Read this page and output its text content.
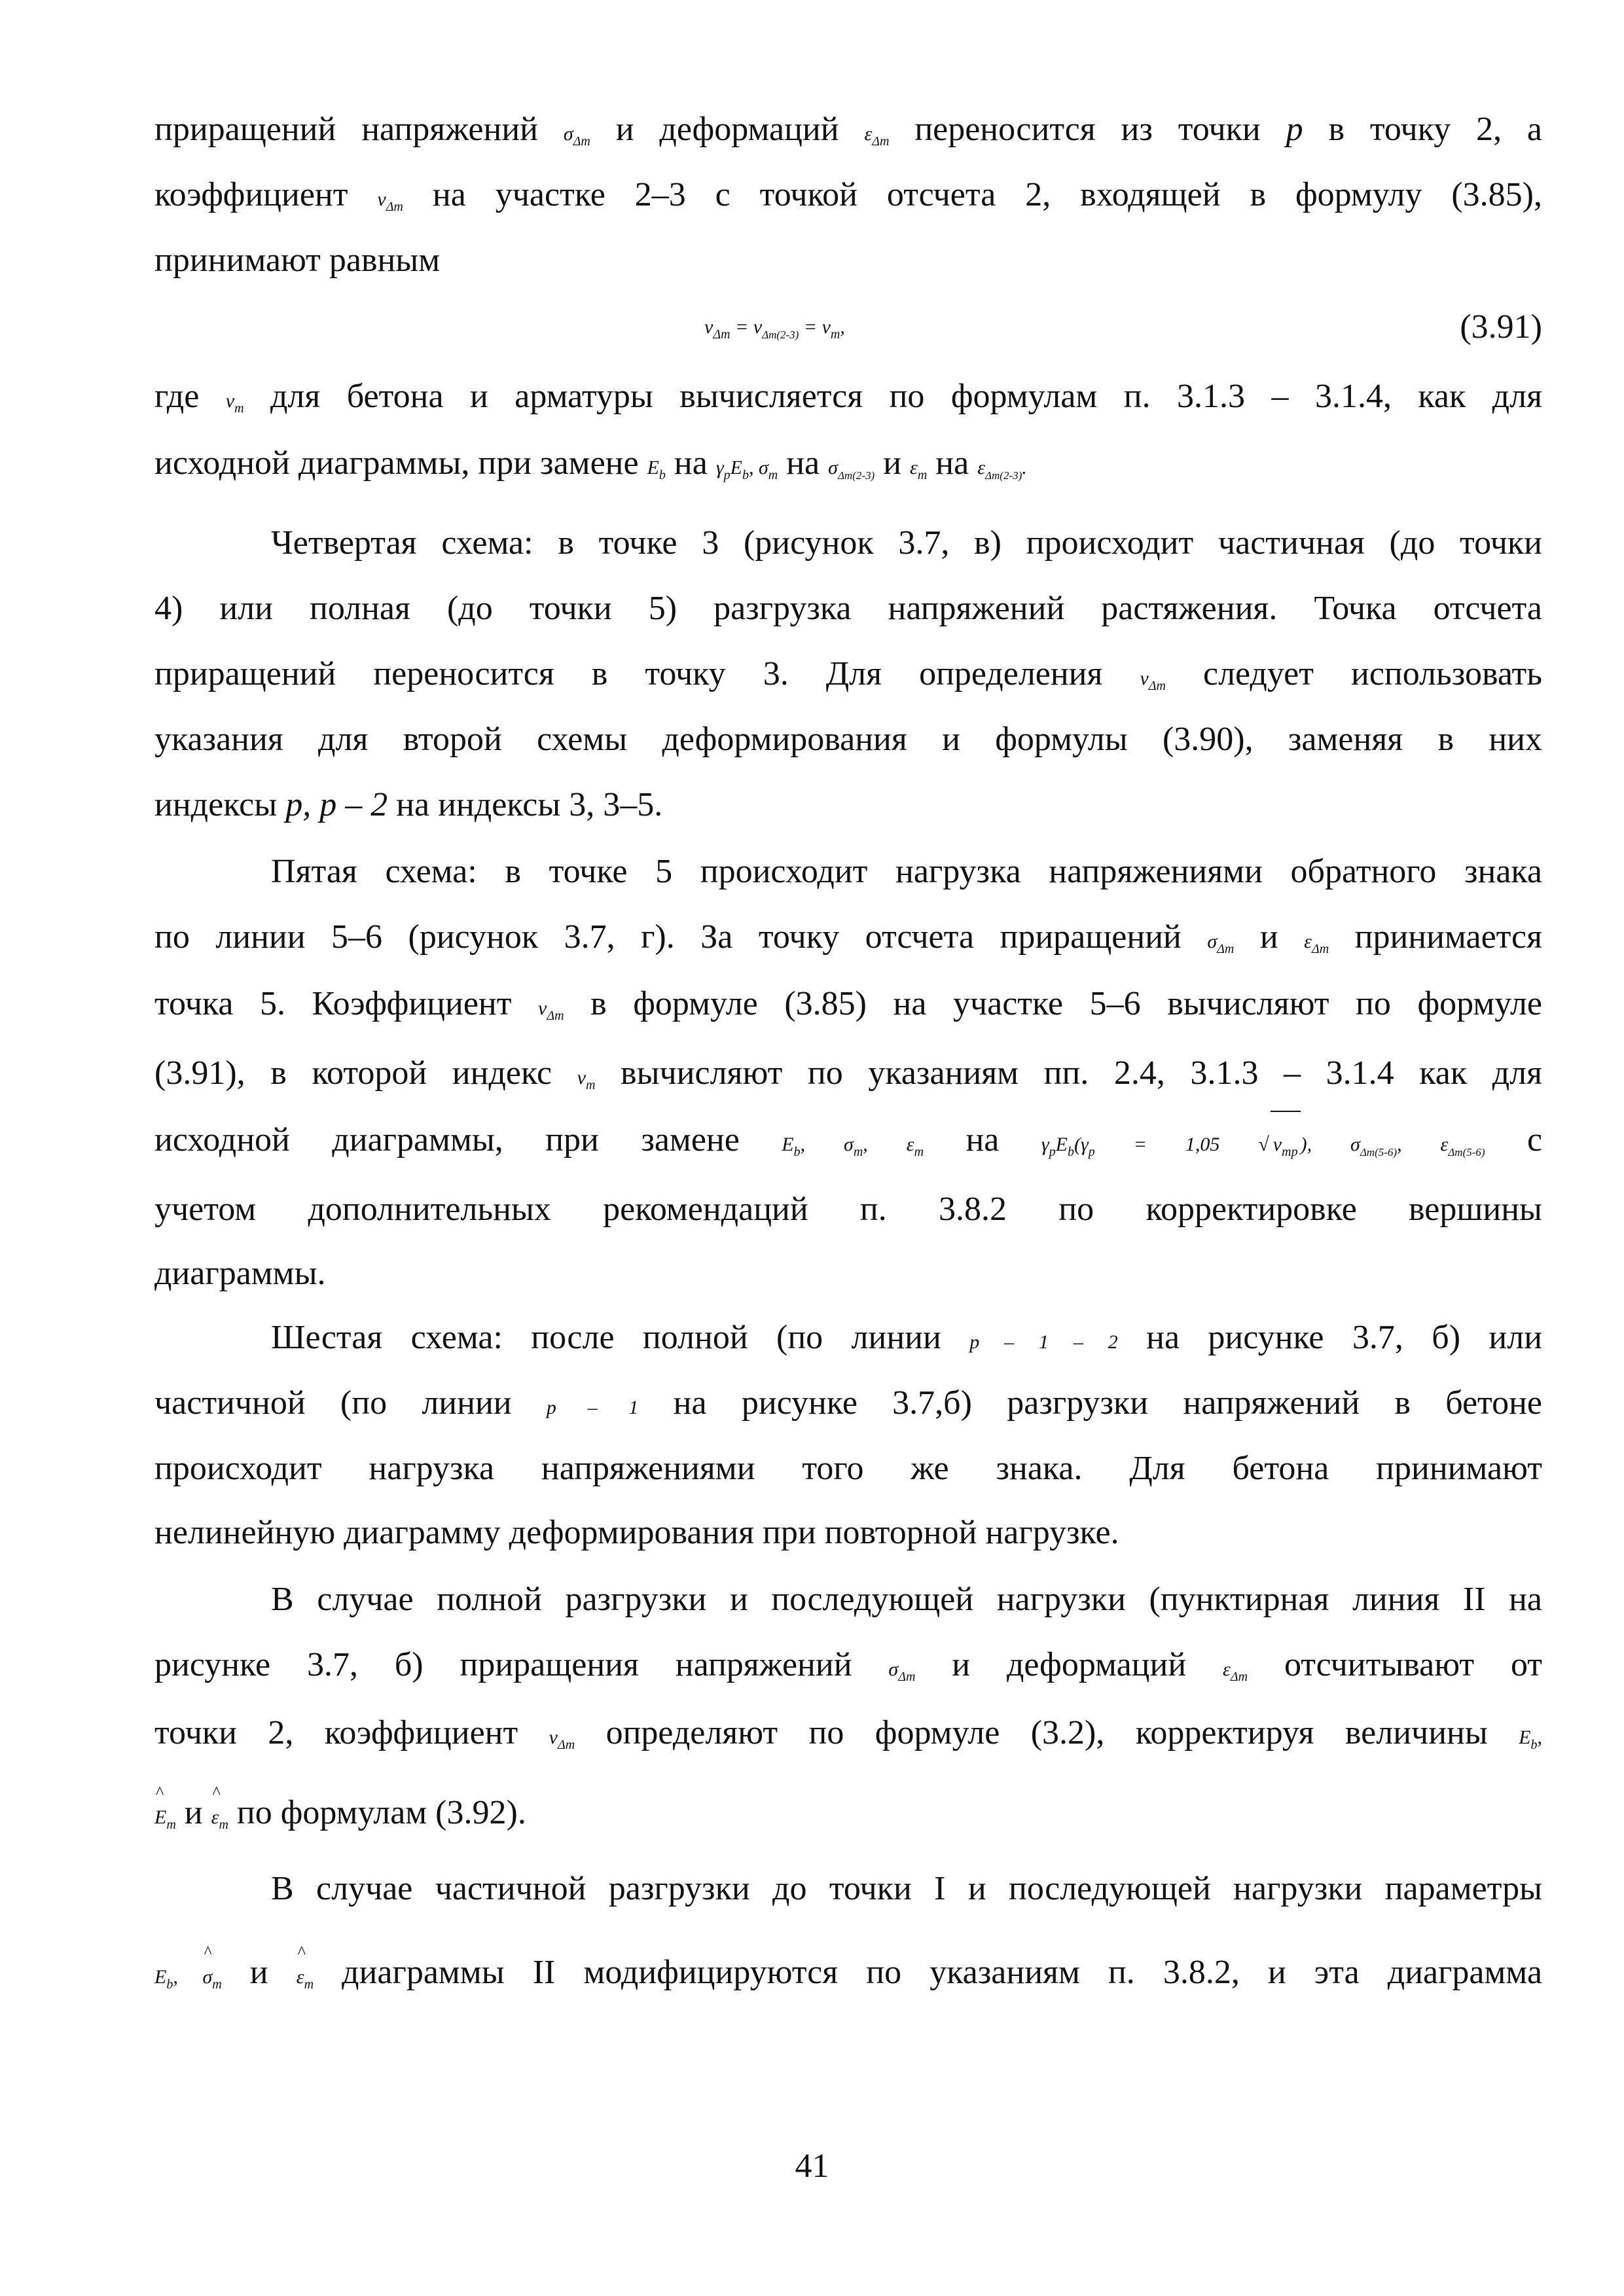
приращений напряжений $\sigma_{\Delta m}$ и деформаций $\varepsilon_{\Delta m}$ переносится из точки p в точку 2, а
коэффициент $\nu_{\Delta m}$ на участке 2–3 с точкой отсчета 2, входящей в формулу (3.85),
принимают равным
$\nu_{\Delta m} = \nu_{\Delta m(2-3)} = \nu_m$,	(3.91)
где $\nu_m$ для бетона и арматуры вычисляется по формулам п. 3.1.3 – 3.1.4, как для
исходной диаграммы, при замене $E_b$ на $\gamma_pE_b$, $\sigma_m$ на $\sigma_{\Delta m(2-3)}$ и $\varepsilon_m$ на $\varepsilon_{\Delta m(2-3)}$.
Четвертая схема: в точке 3 (рисунок 3.7, в) происходит частичная (до точки
4) или полная (до точки 5) разгрузка напряжений растяжения. Точка отсчета
приращений переносится в точку 3. Для определения $\nu_{\Delta m}$ следует использовать
указания для второй схемы деформирования и формулы (3.90), заменяя в них
индексы p, p – 2 на индексы 3, 3–5.
Пятая схема: в точке 5 происходит нагрузка напряжениями обратного знака
по линии 5–6 (рисунок 3.7, г). За точку отсчета приращений $\sigma_{\Delta m}$ и $\varepsilon_{\Delta m}$ принимается
точка 5. Коэффициент $\nu_{\Delta m}$ в формуле (3.85) на участке 5–6 вычисляют по формуле
(3.91), в которой индекс $\nu_m$ вычисляют по указаниям пп. 2.4, 3.1.3 – 3.1.4 как для
исходной диаграммы, при замене $E_b$, $\sigma_m$, $\varepsilon_m$ на $\gamma_pE_b(\gamma_p = 1,05$ √ $\nu_{mp}$ ), $\sigma_{\Delta m(5-6)}$, $\varepsilon_{\Delta m(5-6)}$ с
учетом дополнительных рекомендаций п. 3.8.2 по корректировке вершины
диаграммы.
Шестая схема: после полной (по линии p – 1 – 2 на рисунке 3.7, б) или
частичной (по линии p – 1 на рисунке 3.7,б) разгрузки напряжений в бетоне
происходит нагрузка напряжениями того же знака. Для бетона принимают
нелинейную диаграмму деформирования при повторной нагрузке.
В случае полной разгрузки и последующей нагрузки (пунктирная линия II на
рисунке 3.7, б) приращения напряжений $\sigma_{\Delta m}$ и деформаций $\varepsilon_{\Delta m}$ отсчитывают от
точки 2, коэффициент $\nu_{\Delta m}$ определяют по формуле (3.2), корректируя величины $E_b$,
^ $E_m$ и ^ $\varepsilon_m$ по формулам (3.92).
В случае частичной разгрузки до точки I и последующей нагрузки параметры
$E_b$, ^ $\sigma_m$ и ^ $\varepsilon_m$ диаграммы II модифицируются по указаниям п. 3.8.2, и эта диаграмма
41
